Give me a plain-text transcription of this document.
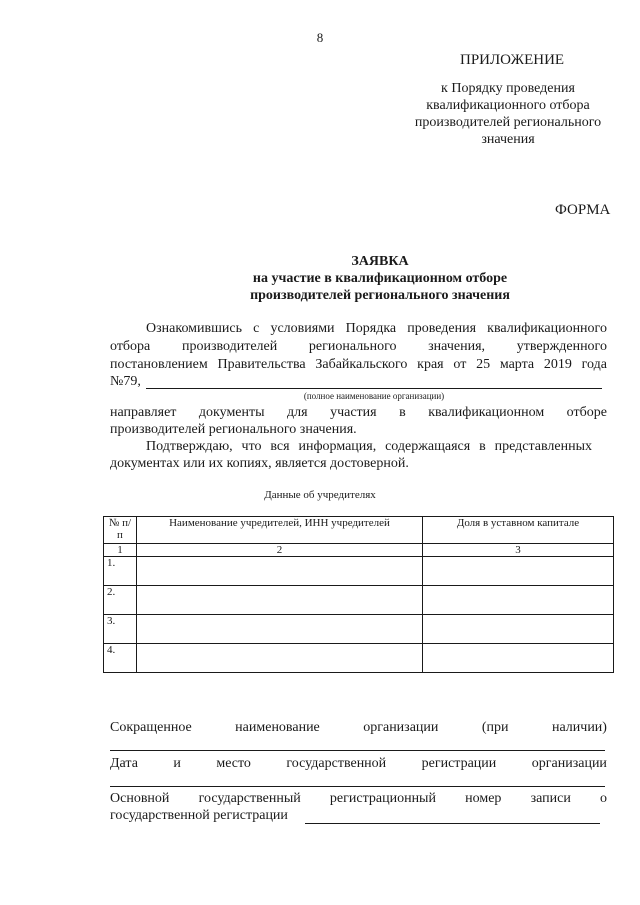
8
ПРИЛОЖЕНИЕ
к Порядку проведения
квалификационного отбора
производителей регионального
значения
ФОРМА
ЗАЯВКА
на участие в квалификационном отборе
производителей регионального значения
Ознакомившись с условиями Порядка проведения квалификационного
отбора производителей регионального значения, утвержденного
постановлением Правительства Забайкальского края от 25 марта 2019 года
№79,
(полное наименование организации)
направляет документы для участия в квалификационном отборе
производителей регионального значения.
Подтверждаю, что вся информация, содержащаяся в представленных
документах или их копиях, является достоверной.
Данные об учредителях
№ п/п	Наименование учредителей, ИНН учредителей	Доля в уставном капитале
1	2	3
1.		
2.		
3.		
4.		
Сокращенное	наименование	организации	(при	наличии)
Дата	и	место	государственной	регистрации	организации
Основной государственный регистрационный номер записи о
государственной регистрации
